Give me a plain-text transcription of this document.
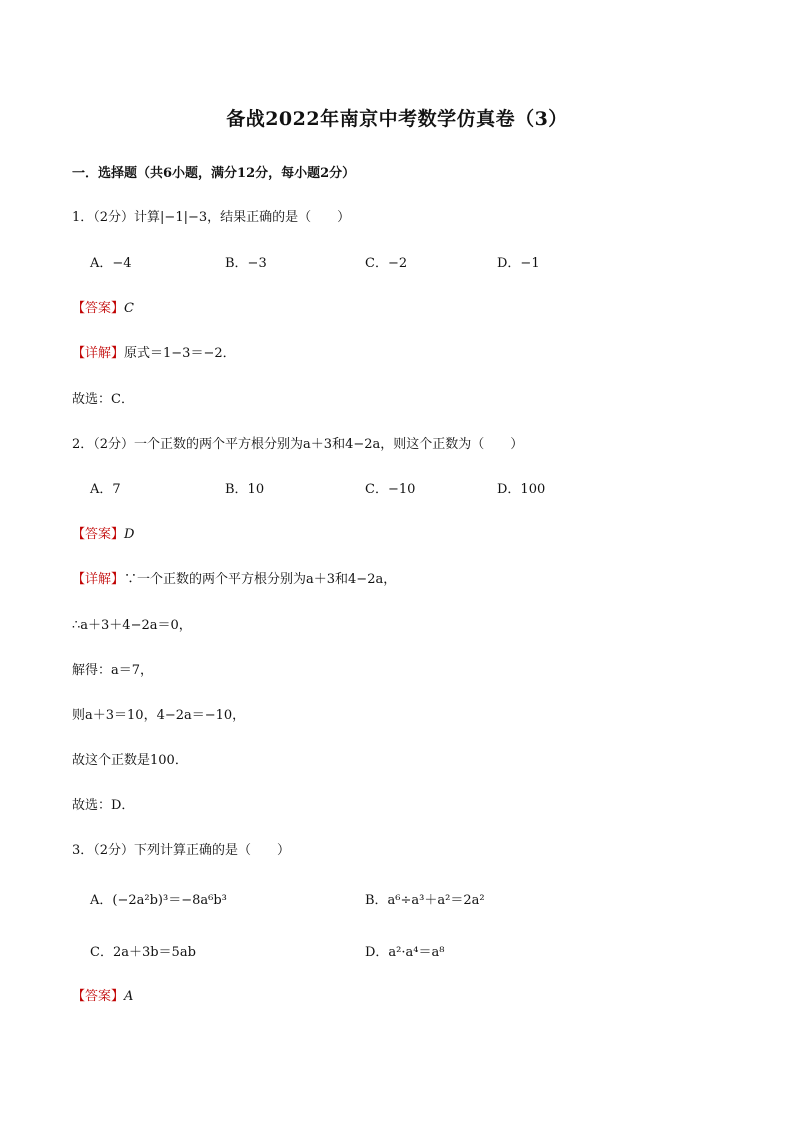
备战2022年南京中考数学仿真卷（3）
一．选择题（共6小题，满分12分，每小题2分）
1．（2分）计算|−1|−3，结果正确的是（　　）
A．−4	B．−3	C．−2	D．−1
【答案】C
【详解】原式＝1−3＝−2．
故选：C．
2．（2分）一个正数的两个平方根分别为a＋3和4−2a，则这个正数为（　　）
A．7	B．10	C．−10	D．100
【答案】D
【详解】∵一个正数的两个平方根分别为a＋3和4−2a，
∴a＋3＋4−2a＝0，
解得：a＝7，
则a＋3＝10，4−2a＝−10，
故这个正数是100．
故选：D．
3．（2分）下列计算正确的是（　　）
A．(−2a²b)³＝−8a⁶b³	B．a⁶÷a³＋a²＝2a²
C．2a＋3b＝5ab	D．a²·a⁴＝a⁸
【答案】A
